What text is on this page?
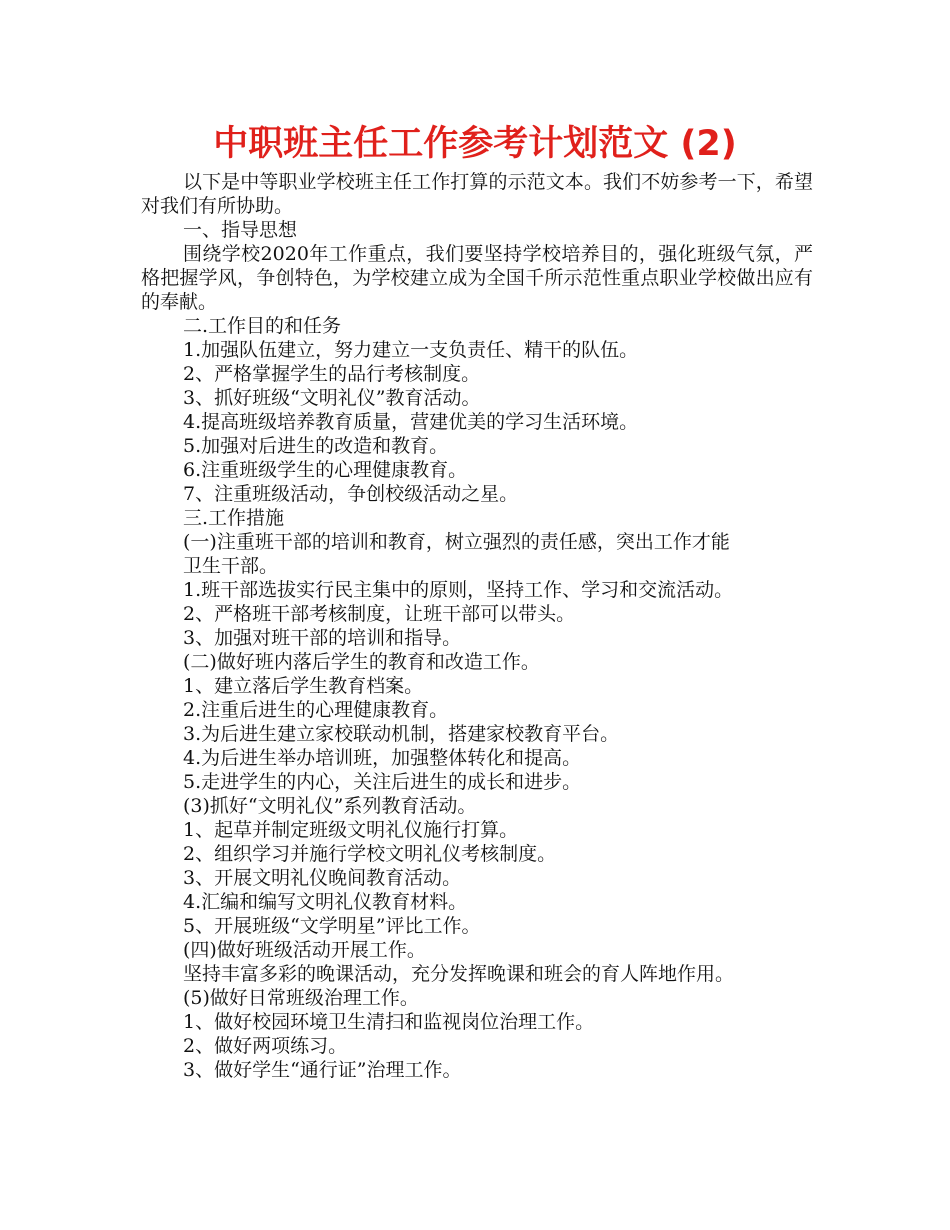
中职班主任工作参考计划范文 (2)

以下是中等职业学校班主任工作打算的示范文本。我们不妨参考一下，希望对我们有所协助。

一、指导思想

围绕学校2020年工作重点，我们要坚持学校培养目的，强化班级气氛，严格把握学风，争创特色，为学校建立成为全国千所示范性重点职业学校做出应有的奉献。

二.工作目的和任务

1.加强队伍建立，努力建立一支负责任、精干的队伍。

2、严格掌握学生的品行考核制度。

3、抓好班级“文明礼仪”教育活动。

4.提高班级培养教育质量，营建优美的学习生活环境。

5.加强对后进生的改造和教育。

6.注重班级学生的心理健康教育。

7、注重班级活动，争创校级活动之星。

三.工作措施

(一)注重班干部的培训和教育，树立强烈的责任感，突出工作才能

卫生干部。

1.班干部选拔实行民主集中的原则，坚持工作、学习和交流活动。

2、严格班干部考核制度，让班干部可以带头。

3、加强对班干部的培训和指导。

(二)做好班内落后学生的教育和改造工作。

1、建立落后学生教育档案。

2.注重后进生的心理健康教育。

3.为后进生建立家校联动机制，搭建家校教育平台。

4.为后进生举办培训班，加强整体转化和提高。

5.走进学生的内心，关注后进生的成长和进步。

(3)抓好“文明礼仪”系列教育活动。

1、起草并制定班级文明礼仪施行打算。

2、组织学习并施行学校文明礼仪考核制度。

3、开展文明礼仪晚间教育活动。

4.汇编和编写文明礼仪教育材料。

5、开展班级“文学明星”评比工作。

(四)做好班级活动开展工作。

坚持丰富多彩的晚课活动，充分发挥晚课和班会的育人阵地作用。

(5)做好日常班级治理工作。

1、做好校园环境卫生清扫和监视岗位治理工作。

2、做好两项练习。

3、做好学生“通行证”治理工作。
